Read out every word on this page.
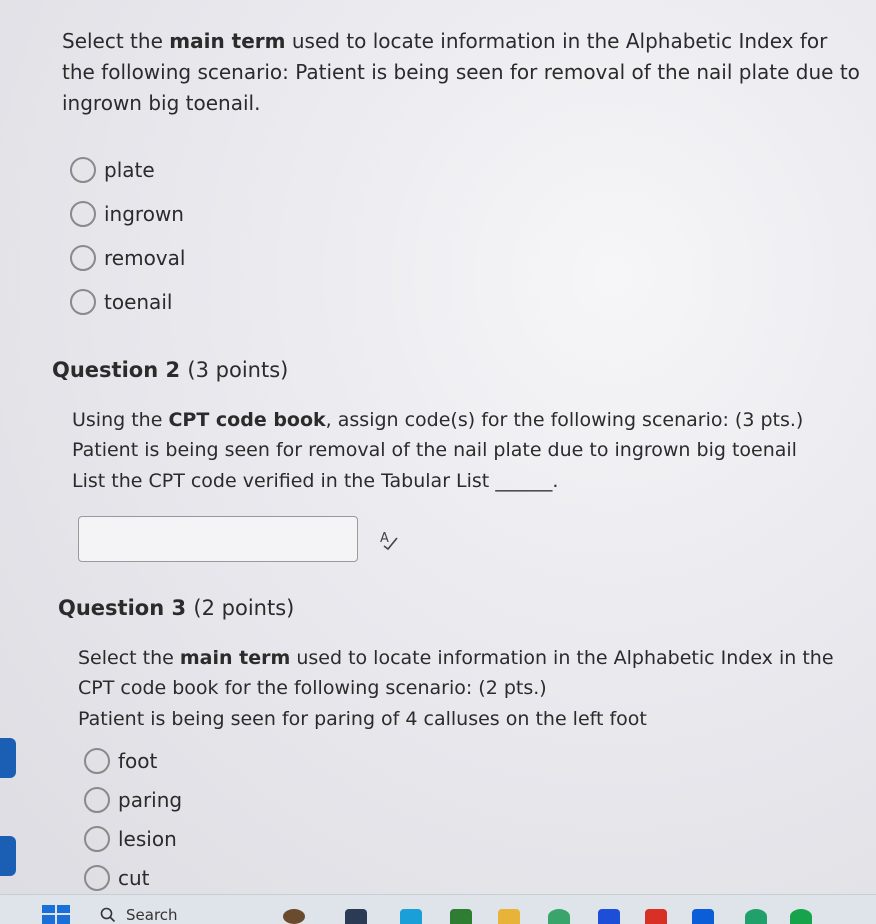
Select the main term used to locate information in the Alphabetic Index for the following scenario: Patient is being seen for removal of the nail plate due to ingrown big toenail.

plate
ingrown
removal
toenail
Question 2 (3 points)

Using the CPT code book, assign code(s) for the following scenario: (3 pts.)
Patient is being seen for removal of the nail plate due to ingrown big toenail
List the CPT code verified in the Tabular List ______.

A
Question 3 (2 points)

Select the main term used to locate information in the Alphabetic Index in the CPT code book for the following scenario: (2 pts.)
Patient is being seen for paring of 4 calluses on the left foot

foot
paring
lesion
cut
Search
